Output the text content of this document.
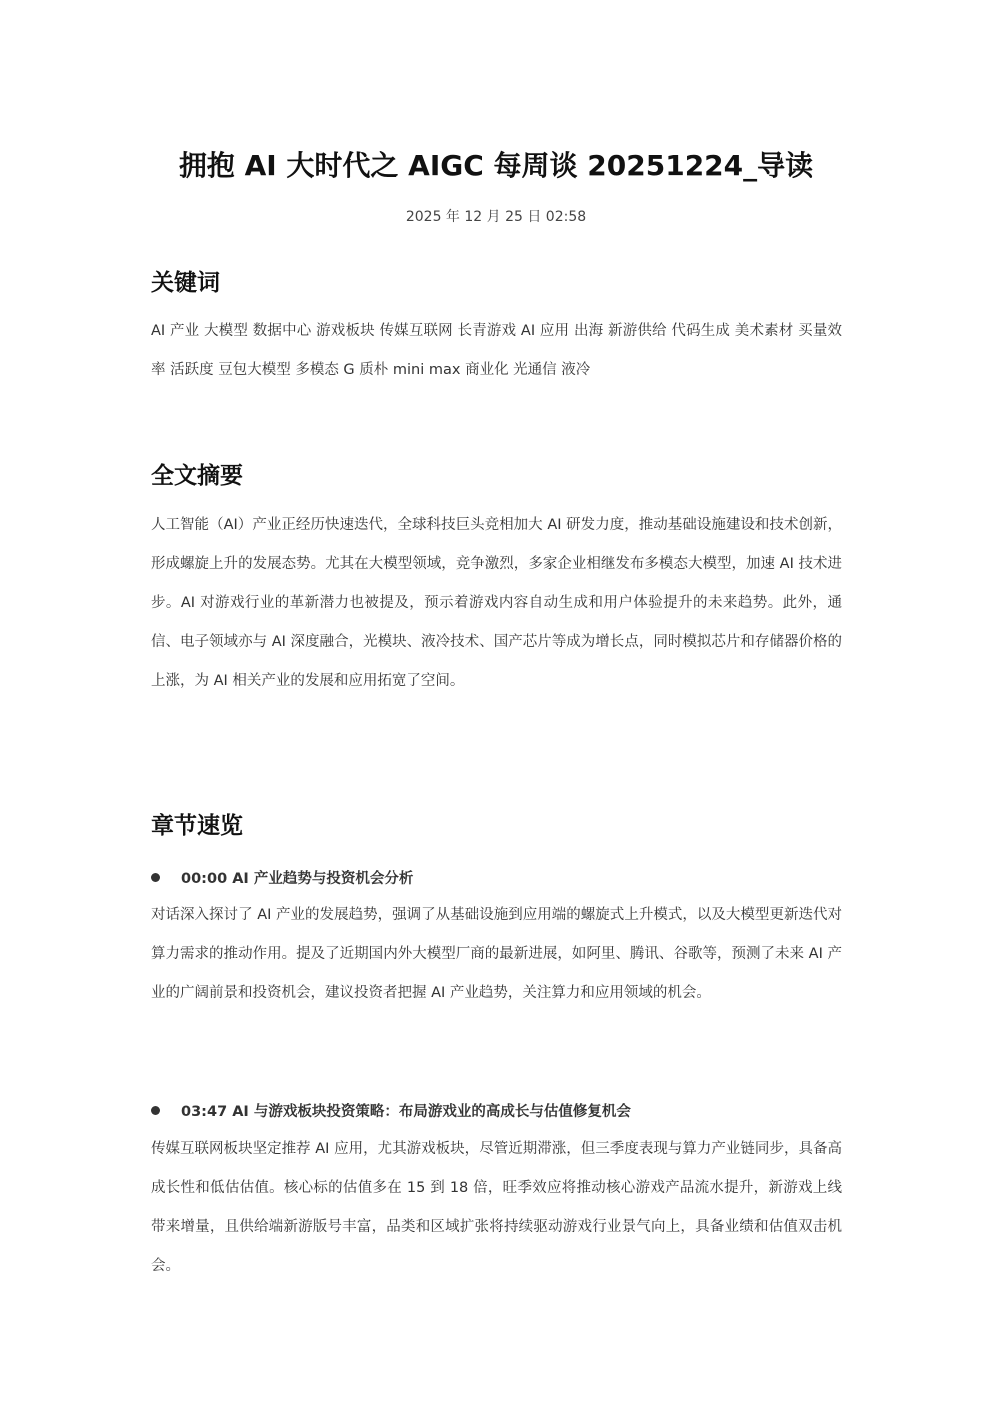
拥抱 AI 大时代之 AIGC 每周谈 20251224_导读
2025 年 12 月 25 日 02:58
关键词
AI 产业 大模型 数据中心 游戏板块 传媒互联网 长青游戏 AI 应用 出海 新游供给 代码生成 美术素材 买量效率 活跃度 豆包大模型 多模态 G 质朴 mini max 商业化 光通信 液冷
全文摘要
人工智能（AI）产业正经历快速迭代，全球科技巨头竞相加大 AI 研发力度，推动基础设施建设和技术创新，形成螺旋上升的发展态势。尤其在大模型领域，竞争激烈，多家企业相继发布多模态大模型，加速 AI 技术进步。AI 对游戏行业的革新潜力也被提及，预示着游戏内容自动生成和用户体验提升的未来趋势。此外，通信、电子领域亦与 AI 深度融合，光模块、液冷技术、国产芯片等成为增长点，同时模拟芯片和存储器价格的上涨，为 AI 相关产业的发展和应用拓宽了空间。
章节速览
00:00 AI 产业趋势与投资机会分析
对话深入探讨了 AI 产业的发展趋势，强调了从基础设施到应用端的螺旋式上升模式，以及大模型更新迭代对算力需求的推动作用。提及了近期国内外大模型厂商的最新进展，如阿里、腾讯、谷歌等，预测了未来 AI 产业的广阔前景和投资机会，建议投资者把握 AI 产业趋势，关注算力和应用领域的机会。
03:47 AI 与游戏板块投资策略：布局游戏业的高成长与估值修复机会
传媒互联网板块坚定推荐 AI 应用，尤其游戏板块，尽管近期滞涨，但三季度表现与算力产业链同步，具备高成长性和低估估值。核心标的估值多在 15 到 18 倍，旺季效应将推动核心游戏产品流水提升，新游戏上线带来增量，且供给端新游版号丰富，品类和区域扩张将持续驱动游戏行业景气向上，具备业绩和估值双击机会。
